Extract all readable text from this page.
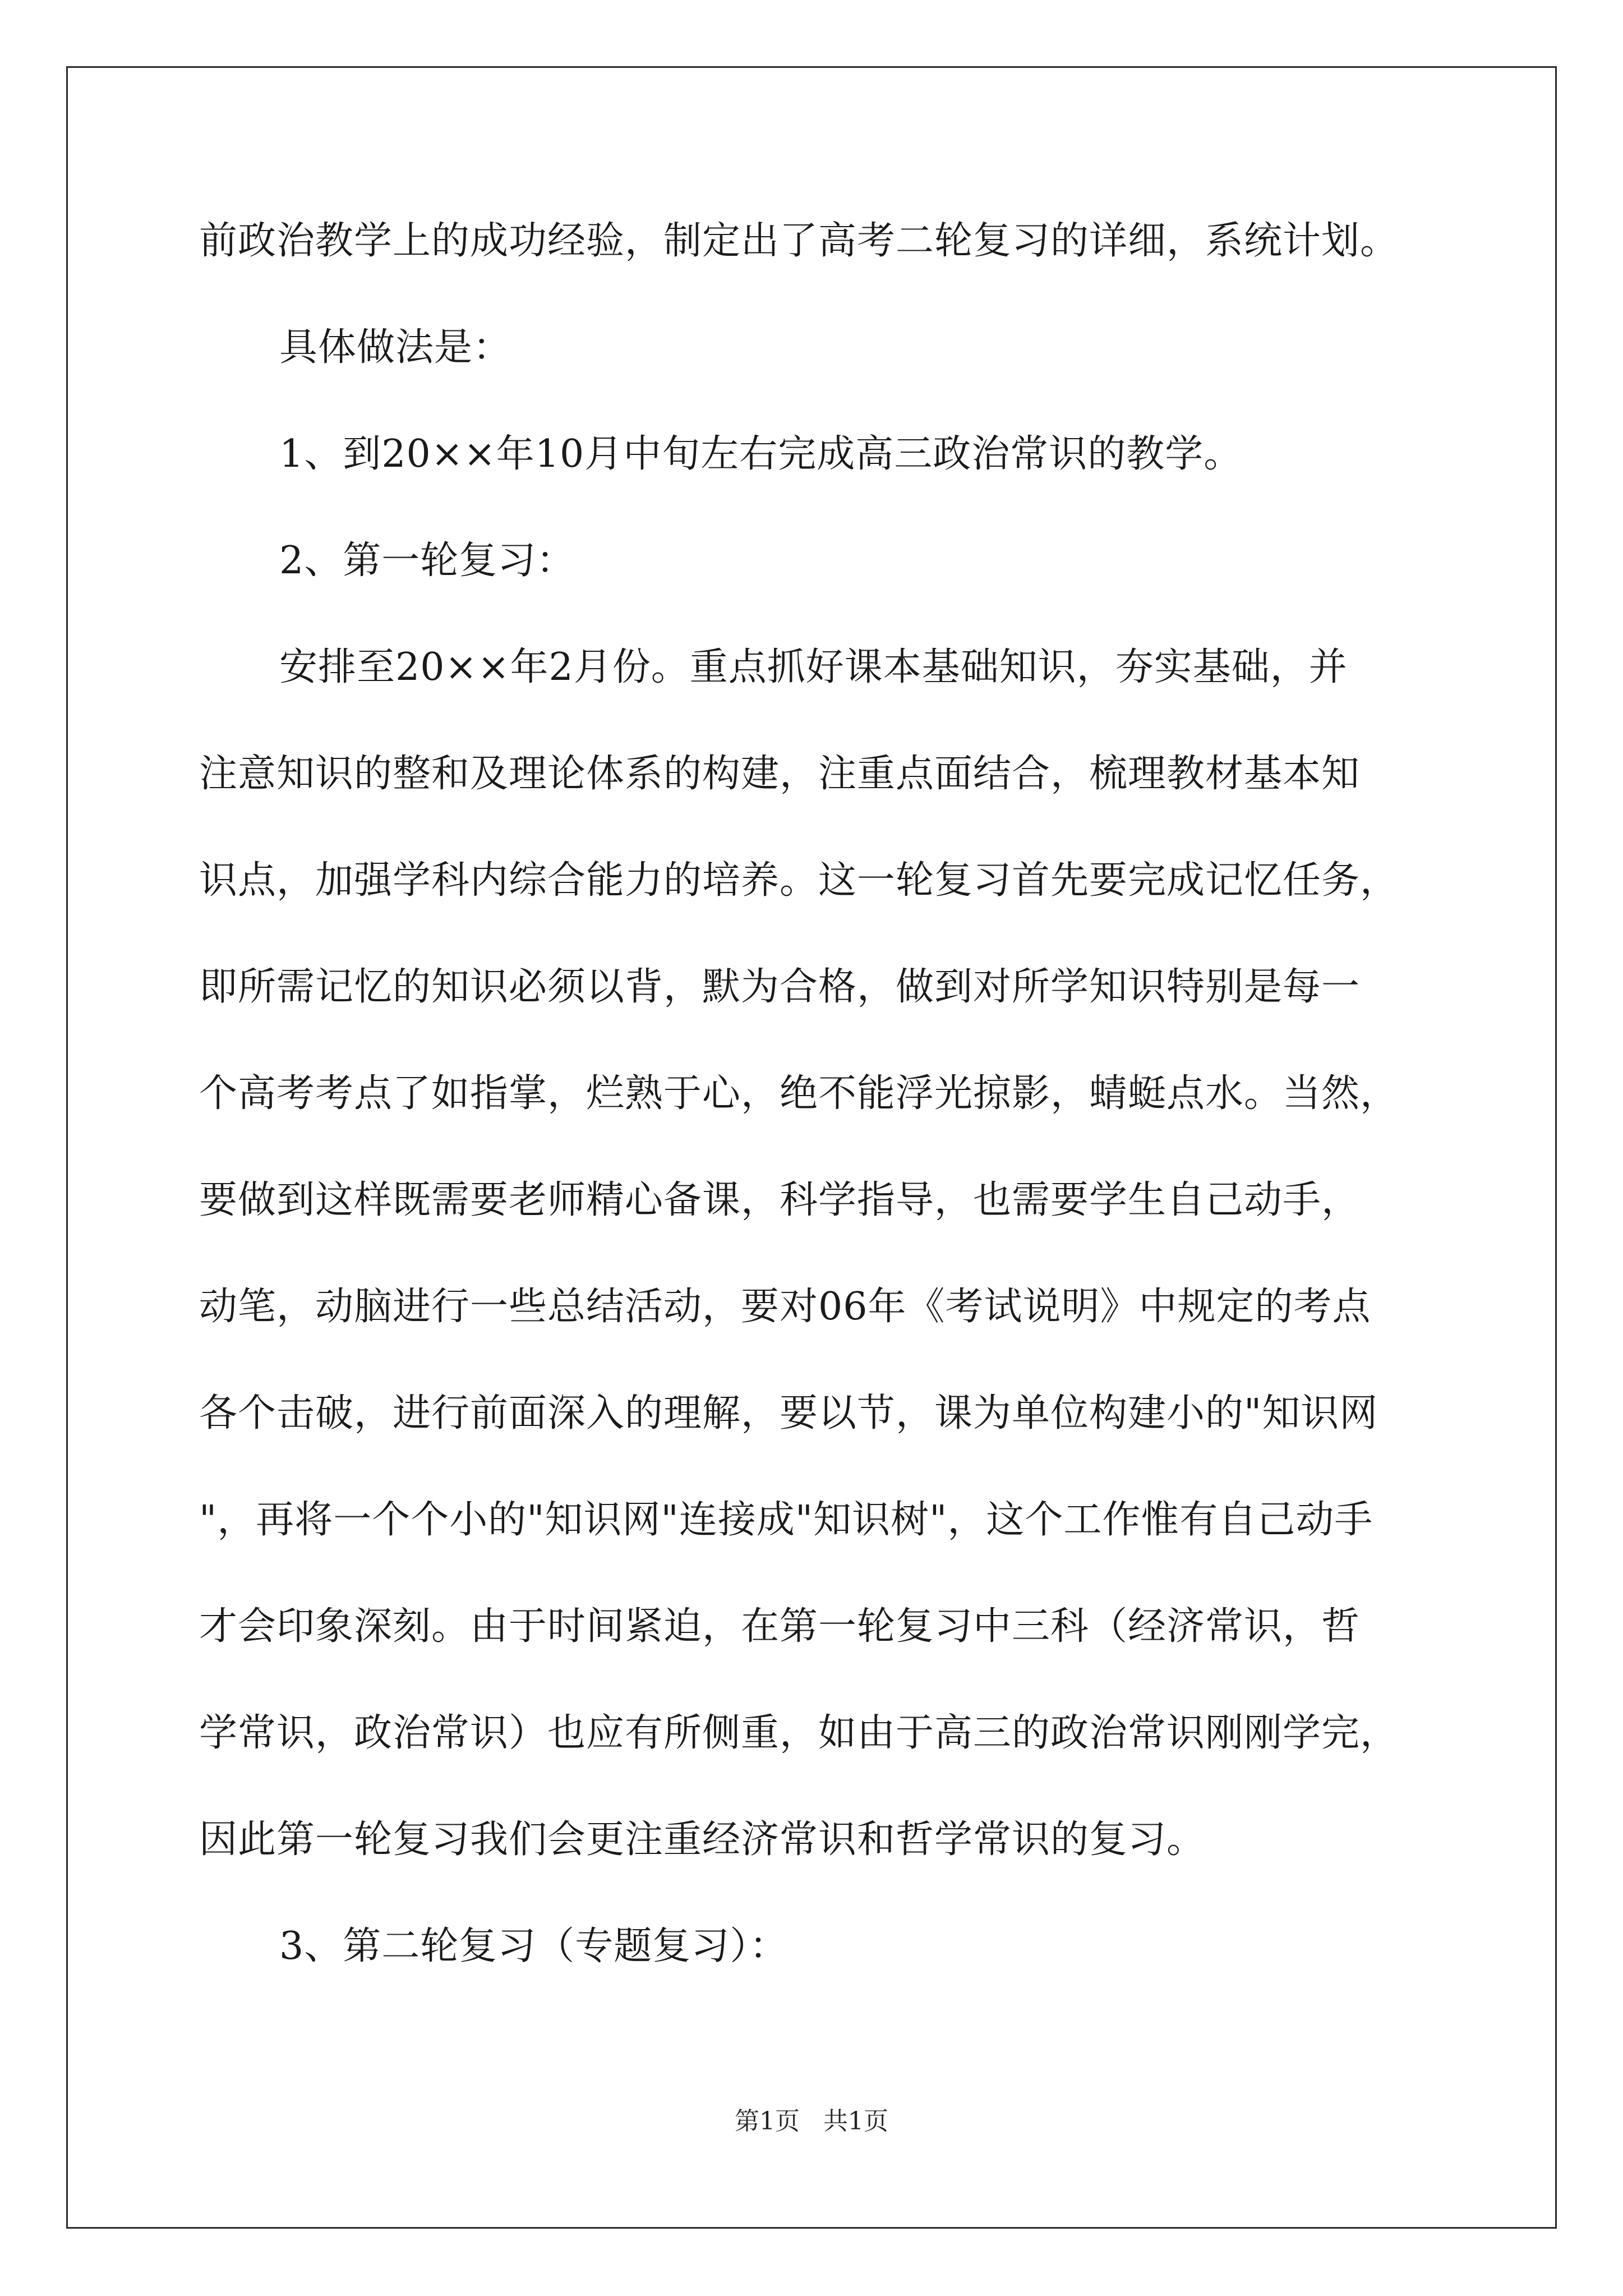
前政治教学上的成功经验，制定出了高考二轮复习的详细，系统计划。
具体做法是：
1、到20××年10月中旬左右完成高三政治常识的教学。
2、第一轮复习：
安排至20××年2月份。重点抓好课本基础知识，夯实基础，并
注意知识的整和及理论体系的构建，注重点面结合，梳理教材基本知
识点，加强学科内综合能力的培养。这一轮复习首先要完成记忆任务，
即所需记忆的知识必须以背，默为合格，做到对所学知识特别是每一
个高考考点了如指掌，烂熟于心，绝不能浮光掠影，蜻蜓点水。当然，
要做到这样既需要老师精心备课，科学指导，也需要学生自己动手，
动笔，动脑进行一些总结活动，要对06年《考试说明》中规定的考点
各个击破，进行前面深入的理解，要以节，课为单位构建小的"知识网
"，再将一个个小的"知识网"连接成"知识树"，这个工作惟有自己动手
才会印象深刻。由于时间紧迫，在第一轮复习中三科（经济常识，哲
学常识，政治常识）也应有所侧重，如由于高三的政治常识刚刚学完，
因此第一轮复习我们会更注重经济常识和哲学常识的复习。
3、第二轮复习（专题复习）：
第1页 共1页
